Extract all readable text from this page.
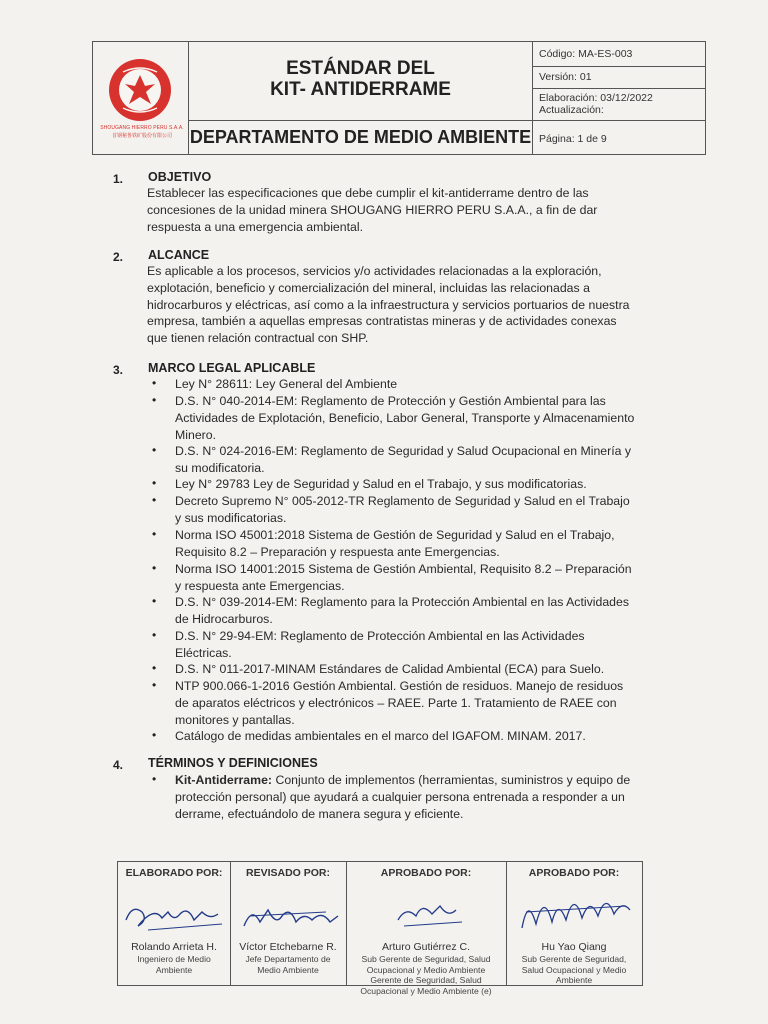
SHOUGANG HIERRO PERU S.A.A.
首钢秘鲁铁矿股份有限公司
ESTÁNDAR DEL
KIT- ANTIDERRAME
DEPARTAMENTO DE MEDIO AMBIENTE
Código: MA-ES-003
Versión: 01
Elaboración: 03/12/2022
Actualización:
Página: 1 de 9
1. OBJETIVO
Establecer las especificaciones que debe cumplir el kit-antiderrame dentro de las
concesiones de la unidad minera SHOUGANG HIERRO PERU S.A.A., a fin de dar
respuesta a una emergencia ambiental.
2. ALCANCE
Es aplicable a los procesos, servicios y/o actividades relacionadas a la exploración,
explotación, beneficio y comercialización del mineral, incluidas las relacionadas a
hidrocarburos y eléctricas, así como a la infraestructura y servicios portuarios de nuestra
empresa, también a aquellas empresas contratistas mineras y de actividades conexas
que tienen relación contractual con SHP.
3. MARCO LEGAL APLICABLE
• Ley N° 28611: Ley General del Ambiente
• D.S. N° 040-2014-EM: Reglamento de Protección y Gestión Ambiental para las
Actividades de Explotación, Beneficio, Labor General, Transporte y Almacenamiento
Minero.
• D.S. N° 024-2016-EM: Reglamento de Seguridad y Salud Ocupacional en Minería y
su modificatoria.
• Ley N° 29783 Ley de Seguridad y Salud en el Trabajo, y sus modificatorias.
• Decreto Supremo N° 005-2012-TR Reglamento de Seguridad y Salud en el Trabajo
y sus modificatorias.
• Norma ISO 45001:2018 Sistema de Gestión de Seguridad y Salud en el Trabajo,
Requisito 8.2 – Preparación y respuesta ante Emergencias.
• Norma ISO 14001:2015 Sistema de Gestión Ambiental, Requisito 8.2 – Preparación
y respuesta ante Emergencias.
• D.S. N° 039-2014-EM: Reglamento para la Protección Ambiental en las Actividades
de Hidrocarburos.
• D.S. N° 29-94-EM: Reglamento de Protección Ambiental en las Actividades
Eléctricas.
• D.S. N° 011-2017-MINAM Estándares de Calidad Ambiental (ECA) para Suelo.
• NTP 900.066-1-2016 Gestión Ambiental. Gestión de residuos. Manejo de residuos
de aparatos eléctricos y electrónicos – RAEE. Parte 1. Tratamiento de RAEE con
monitores y pantallas.
• Catálogo de medidas ambientales en el marco del IGAFOM. MINAM. 2017.
4. TÉRMINOS Y DEFINICIONES
• Kit-Antiderrame: Conjunto de implementos (herramientas, suministros y equipo de
protección personal) que ayudará a cualquier persona entrenada a responder a un
derrame, efectuándolo de manera segura y eficiente.
ELABORADO POR:
Rolando Arrieta H.
Ingeniero de Medio
Ambiente
REVISADO POR:
Víctor Etchebarne R.
Jefe Departamento de
Medio Ambiente
APROBADO POR:
Arturo Gutiérrez C.
Sub Gerente de Seguridad, Salud
Ocupacional y Medio Ambiente
Gerente de Seguridad, Salud
Ocupacional y Medio Ambiente (e)
APROBADO POR:
Hu Yao Qiang
Sub Gerente de Seguridad,
Salud Ocupacional y Medio
Ambiente
